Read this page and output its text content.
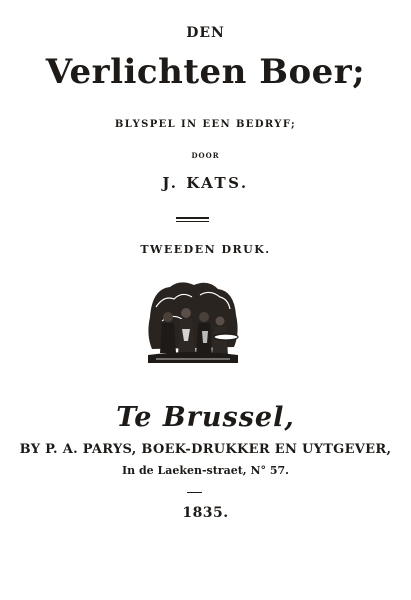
DEN
Verlichten Boer;
BLYSPEL IN EEN BEDRYF;
DOOR
J. KATS.
TWEEDEN DRUK.
Te Brussel,
BY P. A. PARYS, BOEK-DRUKKER EN UYTGEVER,
In de Laeken-straet, N° 57.
1835.
